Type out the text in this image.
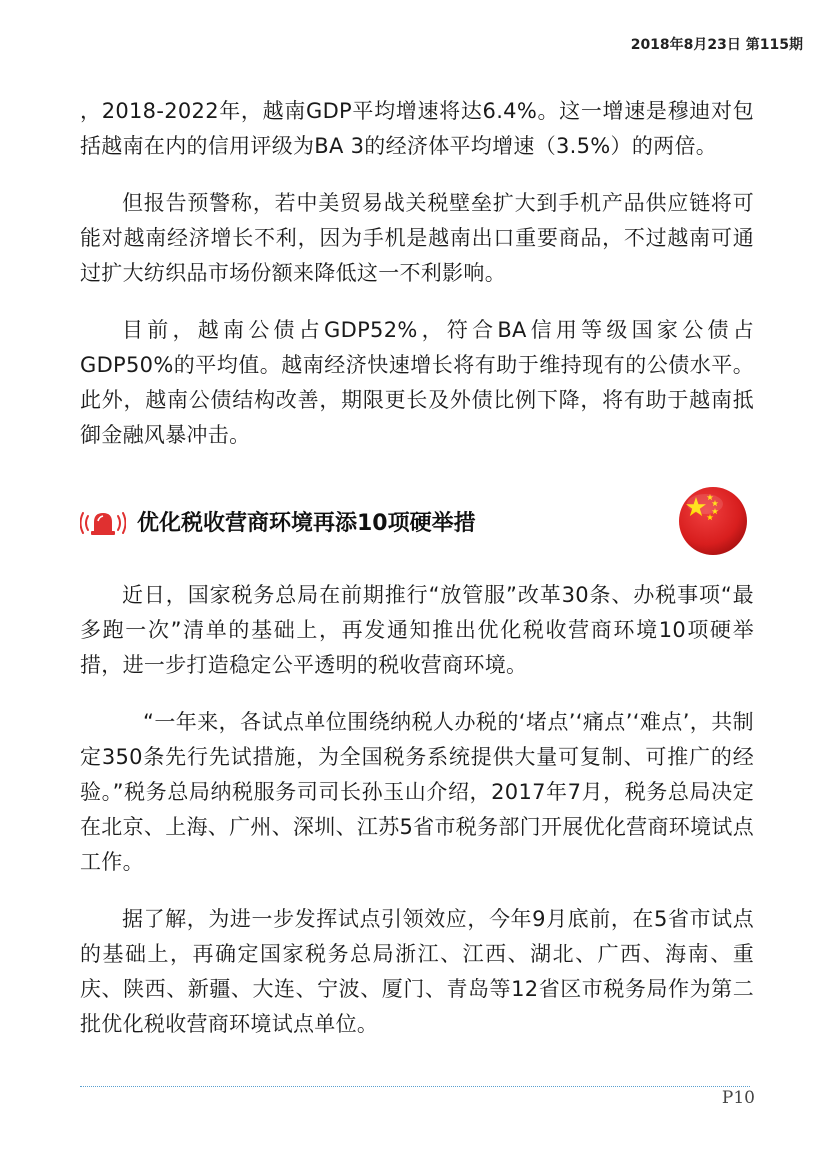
2018年8月23日 第115期

，2018-2022年，越南GDP平均增速将达6.4%。这一增速是穆迪对包括越南在内的信用评级为BA 3的经济体平均增速（3.5%）的两倍。

但报告预警称，若中美贸易战关税壁垒扩大到手机产品供应链将可能对越南经济增长不利，因为手机是越南出口重要商品，不过越南可通过扩大纺织品市场份额来降低这一不利影响。

目前，越南公债占GDP52%，符合BA信用等级国家公债占GDP50%的平均值。越南经济快速增长将有助于维持现有的公债水平。此外，越南公债结构改善，期限更长及外债比例下降，将有助于越南抵御金融风暴冲击。

优化税收营商环境再添10项硬举措

近日，国家税务总局在前期推行“放管服”改革30条、办税事项“最多跑一次”清单的基础上，再发通知推出优化税收营商环境10项硬举措，进一步打造稳定公平透明的税收营商环境。

“一年来，各试点单位围绕纳税人办税的‘堵点’‘痛点’‘难点’，共制定350条先行先试措施，为全国税务系统提供大量可复制、可推广的经验。”税务总局纳税服务司司长孙玉山介绍，2017年7月，税务总局决定在北京、上海、广州、深圳、江苏5省市税务部门开展优化营商环境试点工作。

据了解，为进一步发挥试点引领效应，今年9月底前，在5省市试点的基础上，再确定国家税务总局浙江、江西、湖北、广西、海南、重庆、陕西、新疆、大连、宁波、厦门、青岛等12省区市税务局作为第二批优化税收营商环境试点单位。

P10
